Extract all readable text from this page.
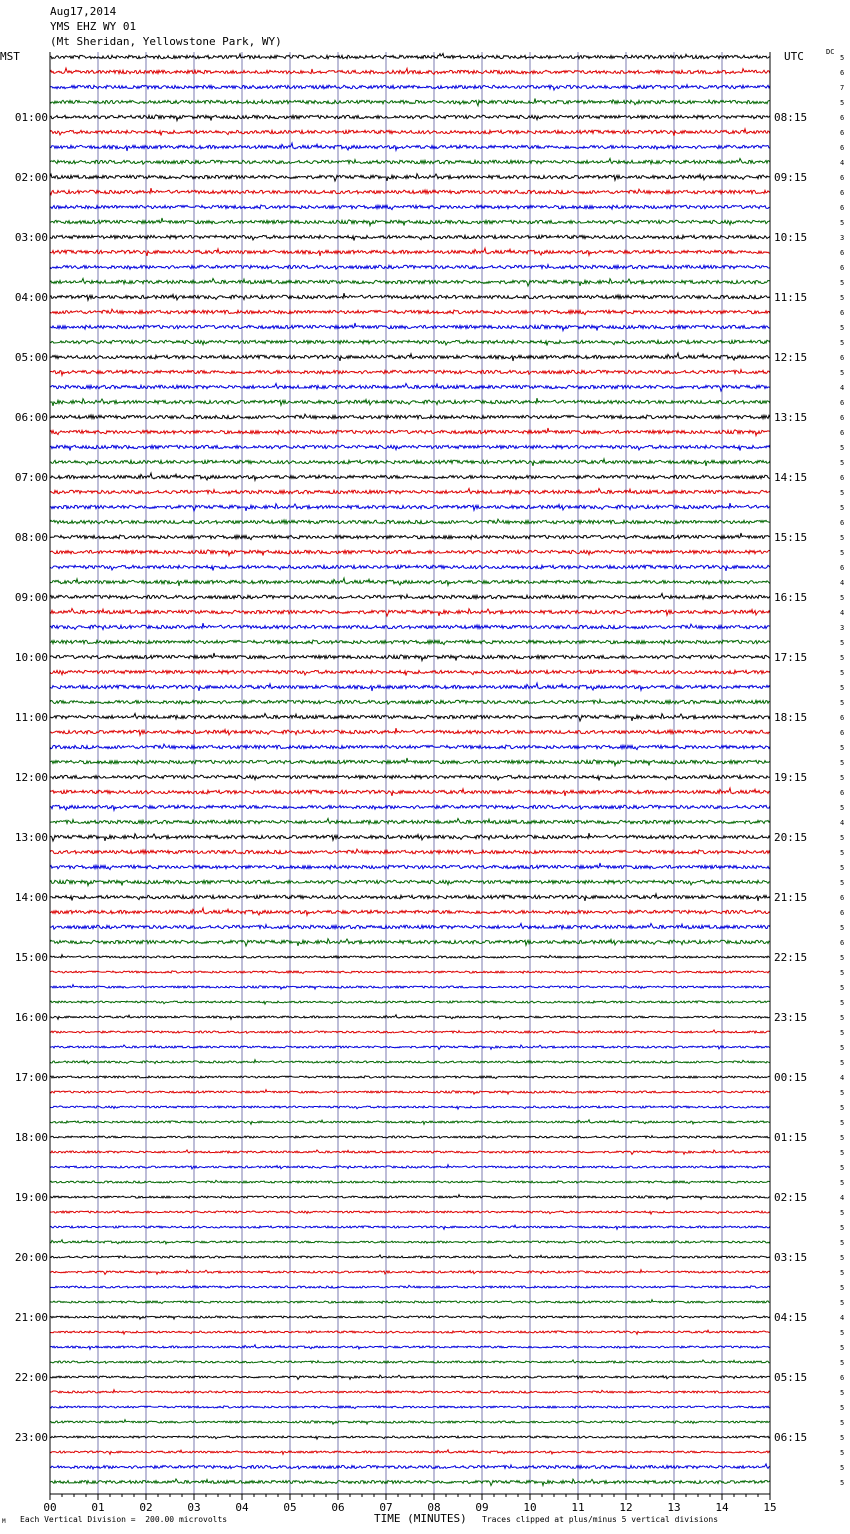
00	01	02	03	04	05	06	07	08	09	10	11	12	13	14	15
01:00
02:00
03:00
04:00
05:00
06:00
07:00
08:00
09:00
10:00
11:00
12:00
13:00
14:00
15:00
16:00
17:00
18:00
19:00
20:00
21:00
22:00
23:00
08:15
09:15
10:15
11:15
12:15
13:15
14:15
15:15
16:15
17:15
18:15
19:15
20:15
21:15
22:15
23:15
00:15
01:15
02:15
03:15
04:15
05:15
06:15
5
6
7
5
6
6
6
4
6
6
6
5
3
6
6
5
5
6
5
5
6
5
4
6
6
6
5
5
6
5
5
6
5
5
6
4
5
4
3
5
5
5
5
5
6
6
5
5
5
6
5
4
5
5
5
5
6
6
5
6
5
5
5
5
5
5
5
5
4
5
5
5
5
5
5
5
4
5
5
5
5
5
5
5
4
5
5
5
6
5
5
5
5
5
5
5
Aug17,2014
YMS EHZ WY 01
(Mt Sheridan, Yellowstone Park, WY)
MST	UTC	DC
M Each Vertical Division =  200.00 microvolts	TIME (MINUTES) Traces clipped at plus/minus 5 vertical divisions
